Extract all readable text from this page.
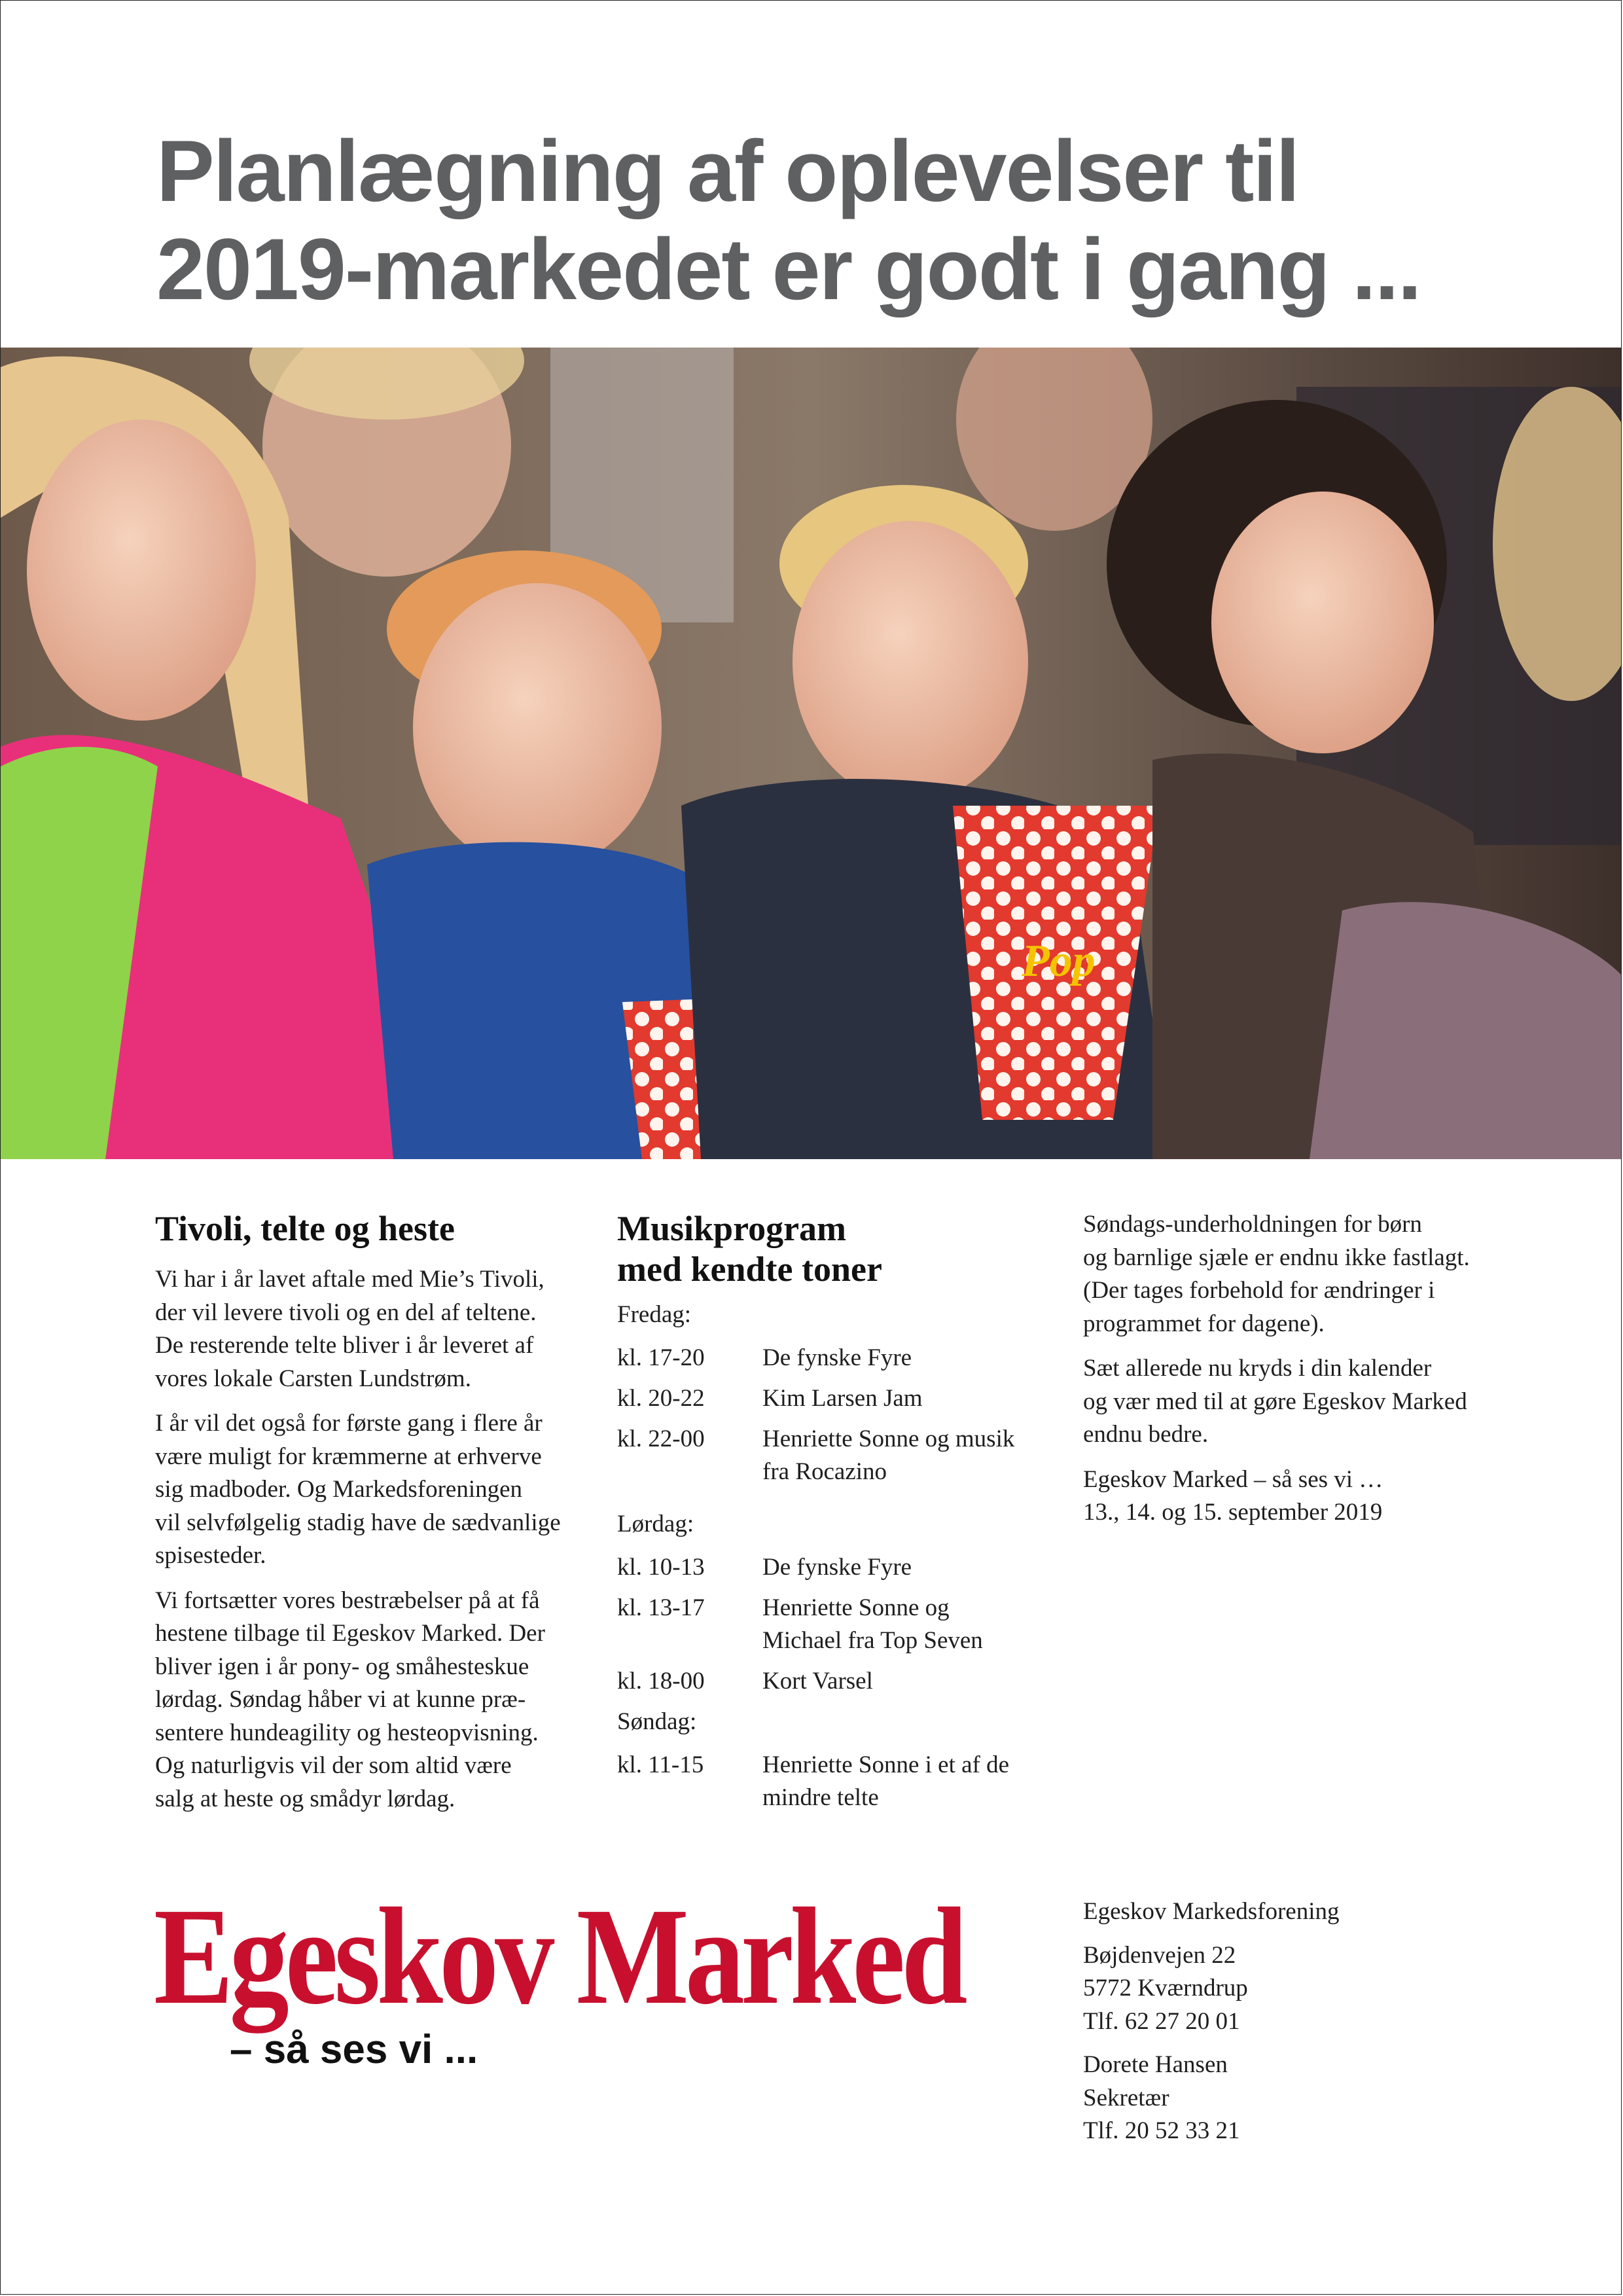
Planlægning af oplevelser til
2019-markedet er godt i gang ...
Pop
Tivoli, telte og heste
Vi har i år lavet aftale med Mie’s Tivoli,
der vil levere tivoli og en del af teltene.
De resterende telte bliver i år leveret af
vores lokale Carsten Lundstrøm.
I år vil det også for første gang i flere år
være muligt for kræmmerne at erhverve
sig madboder. Og Markedsforeningen
vil selvfølgelig stadig have de sædvanlige
spisesteder.
Vi fortsætter vores bestræbelser på at få
hestene tilbage til Egeskov Marked. Der
bliver igen i år pony- og småhesteskue
lørdag. Søndag håber vi at kunne præ-
sentere hundeagility og hesteopvisning.
Og naturligvis vil der som altid være
salg at heste og smådyr lørdag.
Musikprogram
med kendte toner
Fredag:
kl. 17-20	De fynske Fyre
kl. 20-22	Kim Larsen Jam
kl. 22-00	Henriette Sonne og musik
fra Rocazino
Lørdag:
kl. 10-13	De fynske Fyre
kl. 13-17	Henriette Sonne og
Michael fra Top Seven
kl. 18-00	Kort Varsel
Søndag:
kl. 11-15	Henriette Sonne i et af de
mindre telte
Søndags-underholdningen for børn
og barnlige sjæle er endnu ikke fastlagt.
(Der tages forbehold for ændringer i
programmet for dagene).
Sæt allerede nu kryds i din kalender
og vær med til at gøre Egeskov Marked
endnu bedre.
Egeskov Marked – så ses vi …
13., 14. og 15. september 2019
Egeskov Marked
– så ses vi ...
Egeskov Markedsforening
Bøjdenvejen 22
5772 Kværndrup
Tlf. 62 27 20 01
Dorete Hansen
Sekretær
Tlf. 20 52 33 21
